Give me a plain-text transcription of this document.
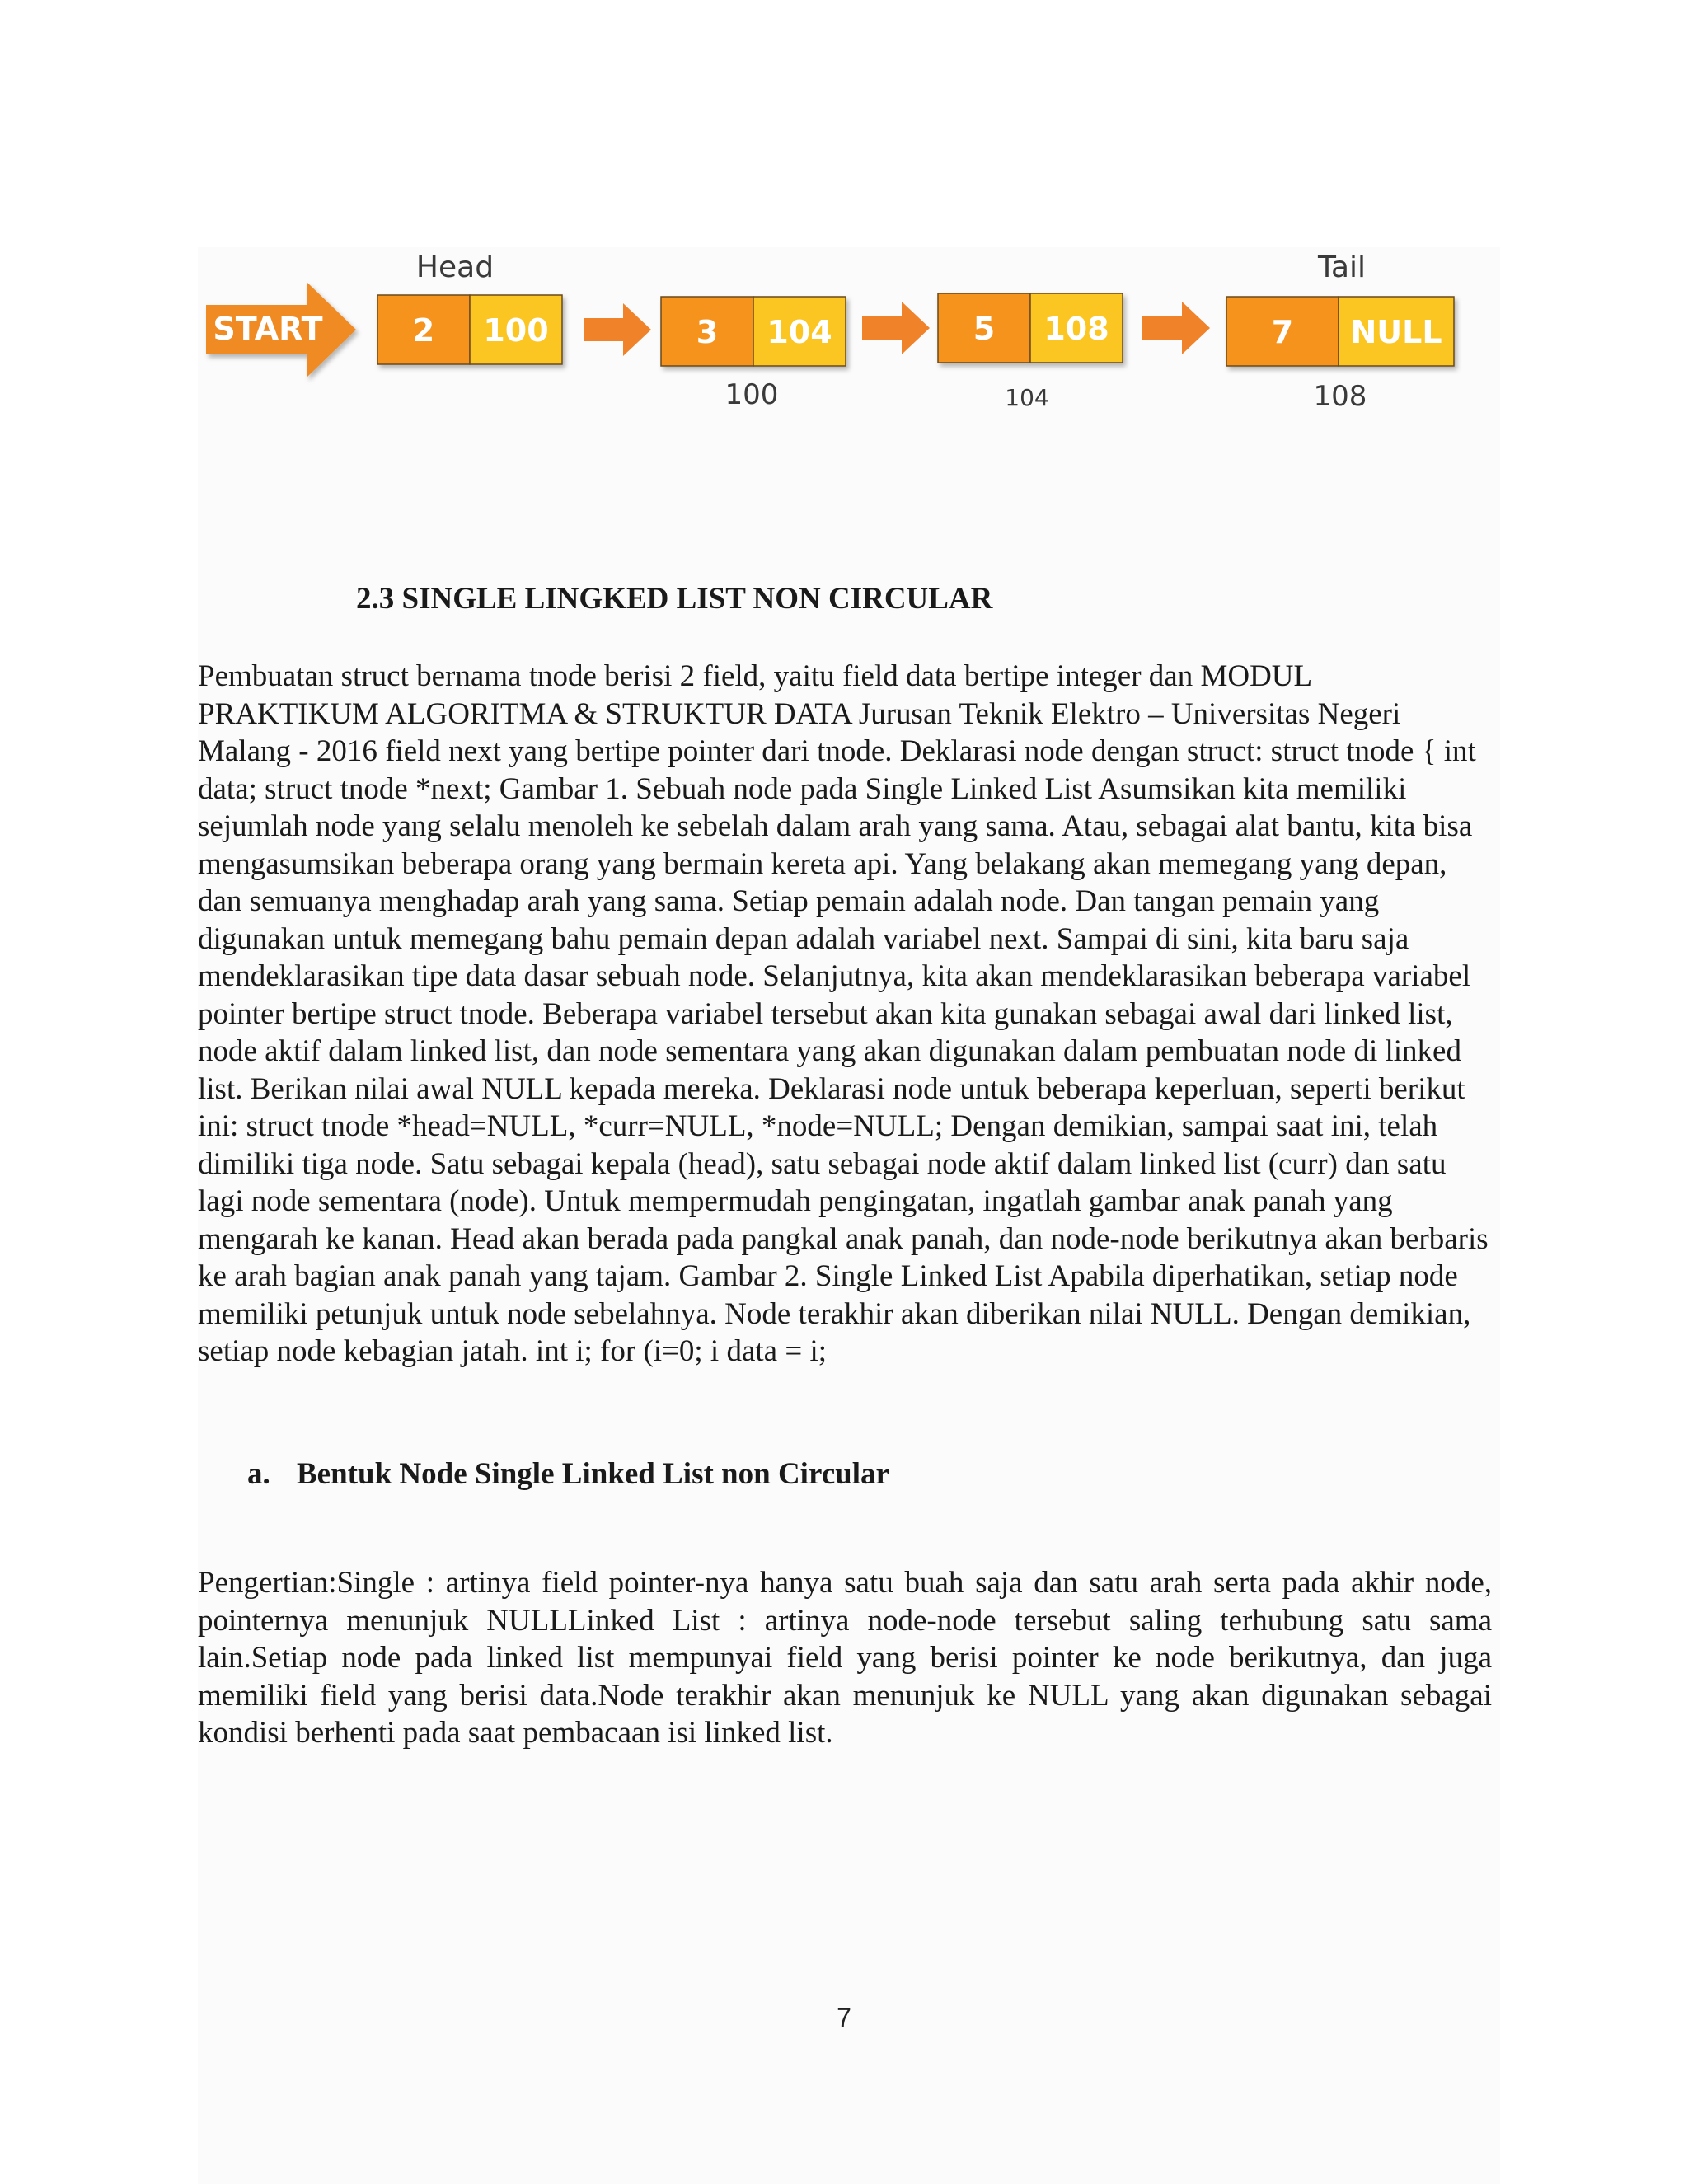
START
Head	Tail
2 100	3 104
100
5 108
104
7 NULL
108
2.3 SINGLE LINGKED LIST NON CIRCULAR

Pembuatan struct bernama tnode berisi 2 field, yaitu field data bertipe integer dan MODUL PRAKTIKUM ALGORITMA & STRUKTUR DATA Jurusan Teknik Elektro – Universitas Negeri Malang - 2016 field next yang bertipe pointer dari tnode. Deklarasi node dengan struct: struct tnode { int data; struct tnode *next; Gambar 1. Sebuah node pada Single Linked List Asumsikan kita memiliki sejumlah node yang selalu menoleh ke sebelah dalam arah yang sama. Atau, sebagai alat bantu, kita bisa mengasumsikan beberapa orang yang bermain kereta api. Yang belakang akan memegang yang depan, dan semuanya menghadap arah yang sama. Setiap pemain adalah node. Dan tangan pemain yang digunakan untuk memegang bahu pemain depan adalah variabel next. Sampai di sini, kita baru saja mendeklarasikan tipe data dasar sebuah node. Selanjutnya, kita akan mendeklarasikan beberapa variabel pointer bertipe struct tnode. Beberapa variabel tersebut akan kita gunakan sebagai awal dari linked list, node aktif dalam linked list, dan node sementara yang akan digunakan dalam pembuatan node di linked list. Berikan nilai awal NULL kepada mereka. Deklarasi node untuk beberapa keperluan, seperti berikut ini: struct tnode *head=NULL, *curr=NULL, *node=NULL; Dengan demikian, sampai saat ini, telah dimiliki tiga node. Satu sebagai kepala (head), satu sebagai node aktif dalam linked list (curr) dan satu lagi node sementara (node). Untuk mempermudah pengingatan, ingatlah gambar anak panah yang mengarah ke kanan. Head akan berada pada pangkal anak panah, dan node-node berikutnya akan berbaris ke arah bagian anak panah yang tajam. Gambar 2. Single Linked List Apabila diperhatikan, setiap node memiliki petunjuk untuk node sebelahnya. Node terakhir akan diberikan nilai NULL. Dengan demikian, setiap node kebagian jatah. int i; for (i=0; i data = i;

a. Bentuk Node Single Linked List non Circular

Pengertian:Single : artinya field pointer-nya hanya satu buah saja dan satu arah serta pada akhir node, pointernya menunjuk NULLLinked List : artinya node-node tersebut saling terhubung satu sama lain.Setiap node pada linked list mempunyai field yang berisi pointer ke node berikutnya, dan juga memiliki field yang berisi data.Node terakhir akan menunjuk ke NULL yang akan digunakan sebagai kondisi berhenti pada saat pembacaan isi linked list.

7
